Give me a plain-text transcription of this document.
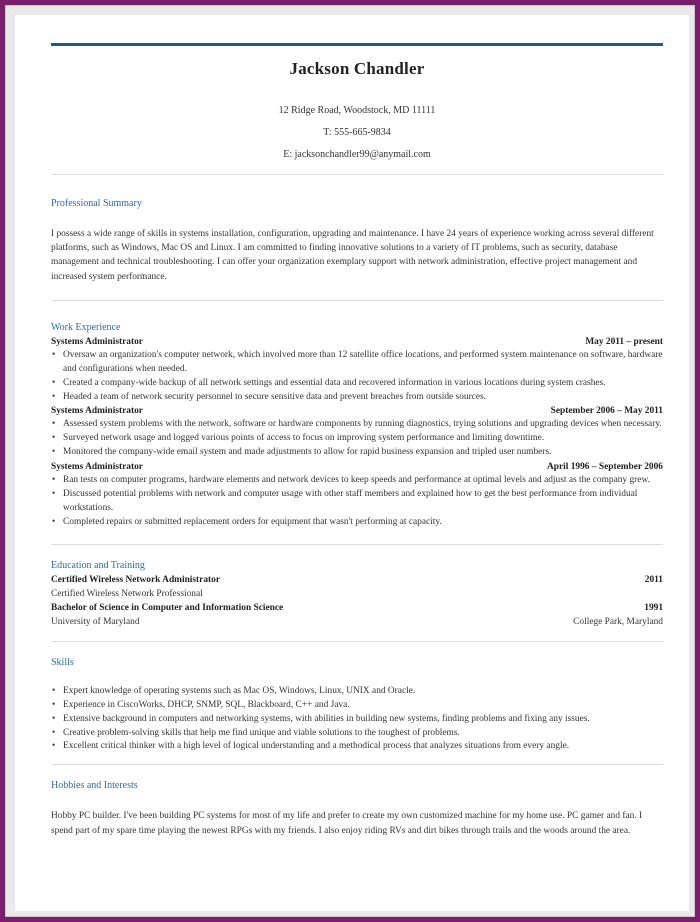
Jackson Chandler
12 Ridge Road, Woodstock, MD 11111
T: 555-665-9834
E: jacksonchandler99@anymail.com
Professional Summary

I possess a wide range of skills in systems installation, configuration, upgrading and maintenance. I have 24 years of experience working across several different platforms, such as Windows, Mac OS and Linux. I am committed to finding innovative solutions to a variety of IT problems, such as security, database management and technical troubleshooting. I can offer your organization exemplary support with network administration, effective project management and increased system performance.

Work Experience
Systems Administrator	May 2011 – present
• Oversaw an organization's computer network, which involved more than 12 satellite office locations, and performed system maintenance on software, hardware and configurations when needed.
• Created a company-wide backup of all network settings and essential data and recovered information in various locations during system crashes.
• Headed a team of network security personnel to secure sensitive data and prevent breaches from outside sources.
Systems Administrator	September 2006 – May 2011
• Assessed system problems with the network, software or hardware components by running diagnostics, trying solutions and upgrading devices when necessary.
• Surveyed network usage and logged various points of access to focus on improving system performance and limiting downtime.
• Monitored the company-wide email system and made adjustments to allow for rapid business expansion and tripled user numbers.
Systems Administrator	April 1996 – September 2006
• Ran tests on computer programs, hardware elements and network devices to keep speeds and performance at optimal levels and adjust as the company grew.
• Discussed potential problems with network and computer usage with other staff members and explained how to get the best performance from individual workstations.
• Completed repairs or submitted replacement orders for equipment that wasn't performing at capacity.
Education and Training
Certified Wireless Network Administrator	2011
Certified Wireless Network Professional
Bachelor of Science in Computer and Information Science	1991
University of Maryland	College Park, Maryland
Skills
• Expert knowledge of operating systems such as Mac OS, Windows, Linux, UNIX and Oracle.
• Experience in CiscoWorks, DHCP, SNMP, SQL, Blackboard, C++ and Java.
• Extensive background in computers and networking systems, with abilities in building new systems, finding problems and fixing any issues.
• Creative problem-solving skills that help me find unique and viable solutions to the toughest of problems.
• Excellent critical thinker with a high level of logical understanding and a methodical process that analyzes situations from every angle.
Hobbies and Interests

Hobby PC builder. I've been building PC systems for most of my life and prefer to create my own customized machine for my home use. PC gamer and fan. I spend part of my spare time playing the newest RPGs with my friends. I also enjoy riding RVs and dirt bikes through trails and the woods around the area.
